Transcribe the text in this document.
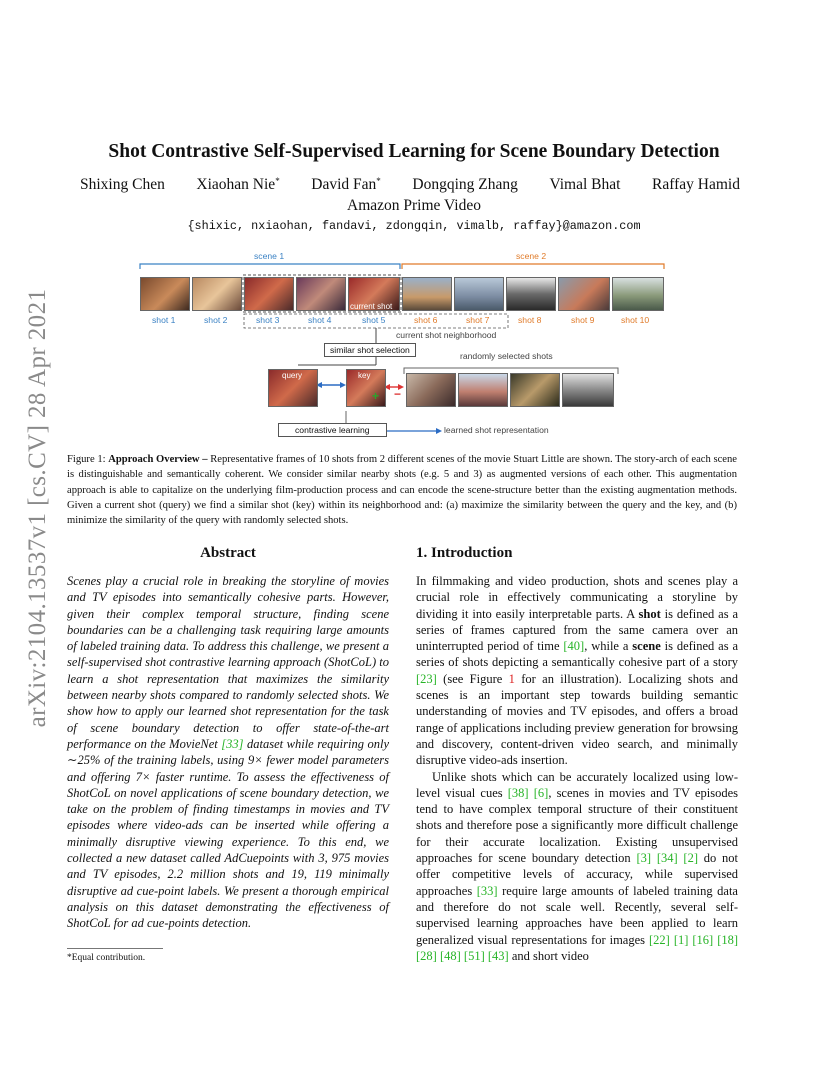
arXiv:2104.13537v1 [cs.CV] 28 Apr 2021
Shot Contrastive Self-Supervised Learning for Scene Boundary Detection
Shixing Chen Xiaohan Nie* David Fan* Dongqing Zhang Vimal Bhat Raffay Hamid
Amazon Prime Video
{shixic, nxiaohan, fandavi, zdongqin, vimalb, raffay}@amazon.com
scene 1	scene 2
current shot
shot 1	shot 2	shot 3	shot 4	shot 5	shot 6	shot 7	shot 8	shot 9	shot 10
current shot neighborhood
similar shot selection
randomly selected shots
query	key
+ −
contrastive learning	learned shot representation
Figure 1: Approach Overview – Representative frames of 10 shots from 2 different scenes of the movie Stuart Little are shown. The story-arch of each scene is distinguishable and semantically coherent. We consider similar nearby shots (e.g. 5 and 3) as augmented versions of each other. This augmentation approach is able to capitalize on the underlying film-production process and can encode the scene-structure better than the existing augmentation methods. Given a current shot (query) we find a similar shot (key) within its neighborhood and: (a) maximize the similarity between the query and the key, and (b) minimize the similarity of the query with randomly selected shots.
Abstract
Scenes play a crucial role in breaking the storyline of movies and TV episodes into semantically cohesive parts. However, given their complex temporal structure, finding scene boundaries can be a challenging task requiring large amounts of labeled training data. To address this challenge, we present a self-supervised shot contrastive learning approach (ShotCoL) to learn a shot representation that maximizes the similarity between nearby shots compared to randomly selected shots. We show how to apply our learned shot representation for the task of scene boundary detection to offer state-of-the-art performance on the MovieNet [33] dataset while requiring only ∼25% of the training labels, using 9× fewer model parameters and offering 7× faster runtime. To assess the effectiveness of ShotCoL on novel applications of scene boundary detection, we take on the problem of finding timestamps in movies and TV episodes where video-ads can be inserted while offering a minimally disruptive viewing experience. To this end, we collected a new dataset called AdCuepoints with 3, 975 movies and TV episodes, 2.2 million shots and 19, 119 minimally disruptive ad cue-point labels. We present a thorough empirical analysis on this dataset demonstrating the effectiveness of ShotCoL for ad cue-points detection.
1. Introduction

In filmmaking and video production, shots and scenes play a crucial role in effectively communicating a storyline by dividing it into easily interpretable parts. A shot is defined as a series of frames captured from the same camera over an uninterrupted period of time [40], while a scene is defined as a series of shots depicting a semantically cohesive part of a story [23] (see Figure 1 for an illustration). Localizing shots and scenes is an important step towards building semantic understanding of movies and TV episodes, and offers a broad range of applications including preview generation for browsing and discovery, content-driven video search, and minimally disruptive video-ads insertion.

Unlike shots which can be accurately localized using low-level visual cues [38] [6], scenes in movies and TV episodes tend to have complex temporal structure of their constituent shots and therefore pose a significantly more difficult challenge for their accurate localization. Existing unsupervised approaches for scene boundary detection [3] [34] [2] do not offer competitive levels of accuracy, while supervised approaches [33] require large amounts of labeled training data and therefore do not scale well. Recently, several self-supervised learning approaches have been applied to learn generalized visual representations for images [22] [1] [16] [18] [28] [48] [51] [43] and short video

*Equal contribution.
